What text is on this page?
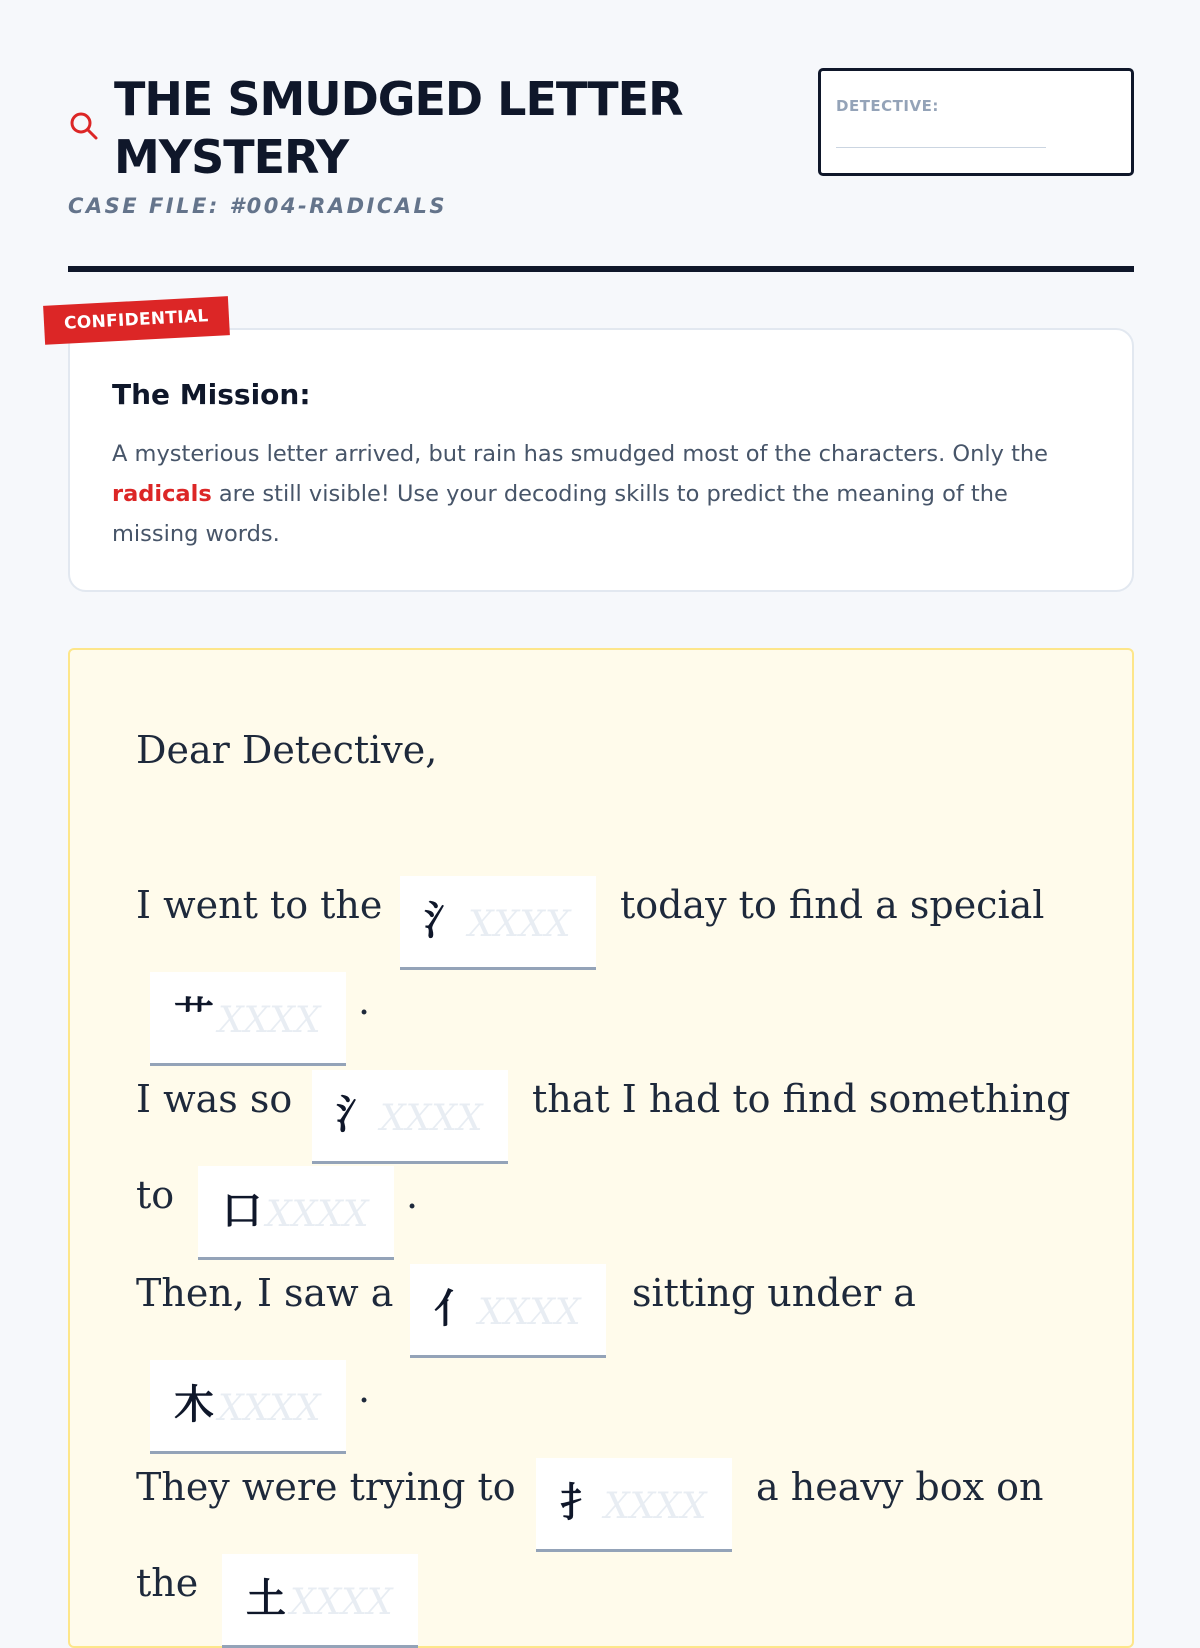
THE SMUDGED LETTER MYSTERY
CASE FILE: #004-RADICALS
DETECTIVE:
The Mission:
A mysterious letter arrived, but rain has smudged most of the characters. Only the radicals are still visible! Use your decoding skills to predict the meaning of the missing words.
CONFIDENTIAL
Dear Detective,
I went to the 氵 XXXX today to find a special
艹 XXXX .
I was so 氵 XXXX that I had to find something
to 口 XXXX .
Then, I saw a 亻 XXXX sitting under a
木 XXXX .
They were trying to 扌 XXXX a heavy box on
the 土 XXXX
